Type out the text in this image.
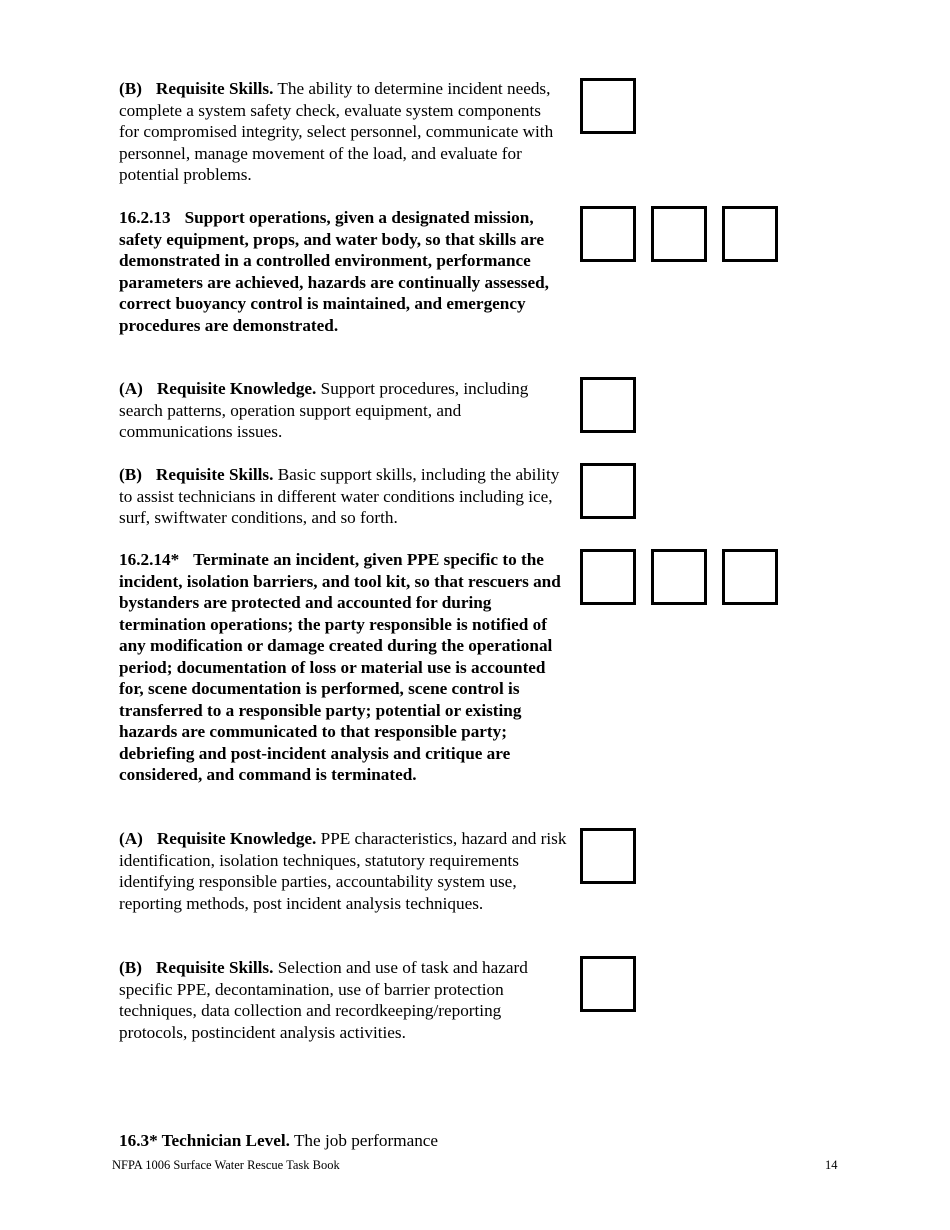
(B) Requisite Skills. The ability to determine incident needs, complete a system safety check, evaluate system components for compromised integrity, select personnel, communicate with personnel, manage movement of the load, and evaluate for potential problems.
16.2.13 Support operations, given a designated mission, safety equipment, props, and water body, so that skills are demonstrated in a controlled environment, performance parameters are achieved, hazards are continually assessed, correct buoyancy control is maintained, and emergency procedures are demonstrated.
(A) Requisite Knowledge. Support procedures, including search patterns, operation support equipment, and communications issues.
(B) Requisite Skills. Basic support skills, including the ability to assist technicians in different water conditions including ice, surf, swiftwater conditions, and so forth.
16.2.14* Terminate an incident, given PPE specific to the incident, isolation barriers, and tool kit, so that rescuers and bystanders are protected and accounted for during termination operations; the party responsible is notified of any modification or damage created during the operational period; documentation of loss or material use is accounted for, scene documentation is performed, scene control is transferred to a responsible party; potential or existing hazards are communicated to that responsible party; debriefing and post-incident analysis and critique are considered, and command is terminated.
(A) Requisite Knowledge. PPE characteristics, hazard and risk identification, isolation techniques, statutory requirements identifying responsible parties, accountability system use, reporting methods, post incident analysis techniques.
(B) Requisite Skills. Selection and use of task and hazard specific PPE, decontamination, use of barrier protection techniques, data collection and recordkeeping/reporting protocols, postincident analysis activities.
16.3* Technician Level. The job performance
NFPA 1006 Surface Water Rescue Task Book	14
